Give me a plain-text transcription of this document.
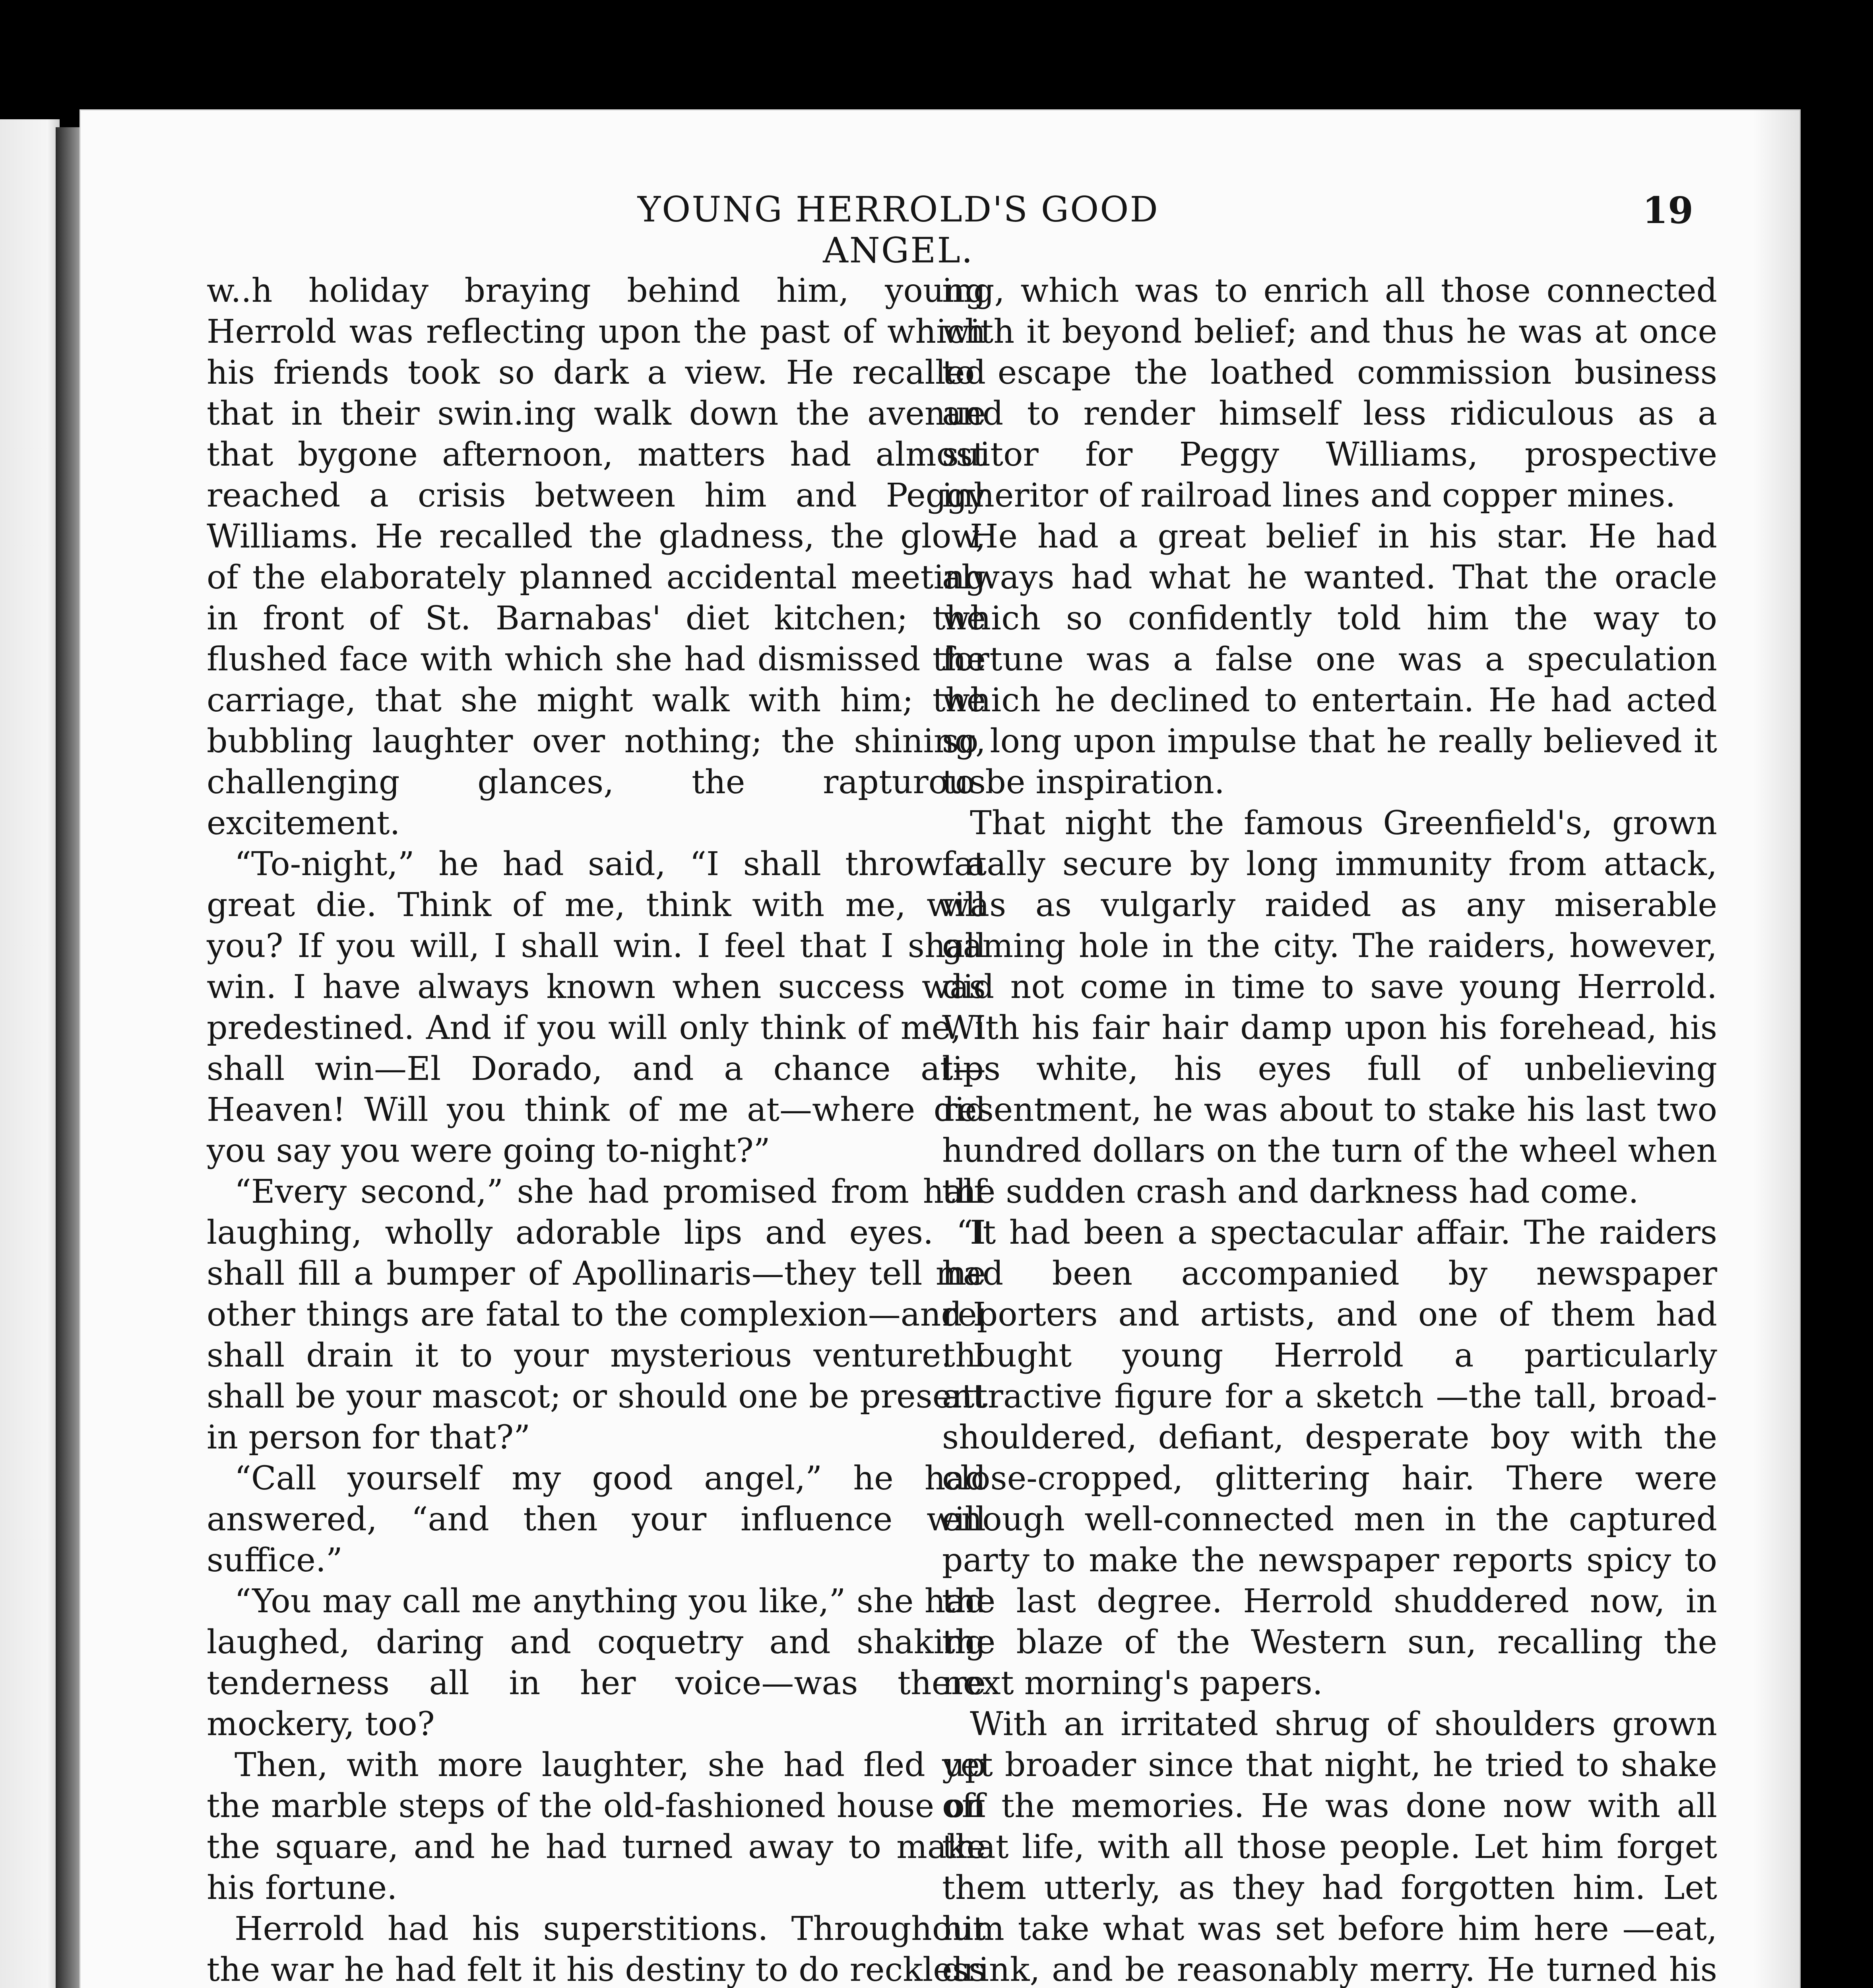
YOUNG HERROLD'S GOOD ANGEL.
19

w..h holiday braying behind him, young Herrold was reflecting upon the past of which his friends took so dark a view. He recalled that in their swin.ing walk down the avenue that bygone afternoon, matters had almost reached a crisis between him and Peggy Williams. He recalled the gladness, the glow, of the elaborately planned accidental meeting in front of St. Barnabas' diet kitchen; the flushed face with which she had dismissed the carriage, that she might walk with him; the bubbling laughter over nothing; the shining, challenging glances, the rapturous excitement.

“To-night,” he had said, “I shall throw a great die. Think of me, think with me, will you? If you will, I shall win. I feel that I shall win. I have always known when success was predestined. And if you will only think of me, I shall win—El Dorado, and a chance at—Heaven! Will you think of me at—where did you say you were going to-night?”

“Every second,” she had promised from half laughing, wholly adorable lips and eyes. “I shall fill a bumper of Apollinaris—they tell me other things are fatal to the complexion—and I shall drain it to your mysterious venture. I shall be your mascot; or should one be present in person for that?”

“Call yourself my good angel,” he had answered, “and then your influence will suffice.”

“You may call me anything you like,” she had laughed, daring and coquetry and shaking tenderness all in her voice—was there mockery, too?

Then, with more laughter, she had fled up the marble steps of the old-fashioned house on the square, and he had turned away to make his fortune.

Herrold had his superstitions. Throughout the war he had felt it his destiny to do reckless

ing, which was to enrich all those connected with it beyond belief; and thus he was at once to escape the loathed commission business and to render himself less ridiculous as a suitor for Peggy Williams, prospective inheritor of railroad lines and copper mines.

He had a great belief in his star. He had always had what he wanted. That the oracle which so confidently told him the way to fortune was a false one was a speculation which he declined to entertain. He had acted so long upon impulse that he really believed it to be inspiration.

That night the famous Greenfield's, grown fatally secure by long immunity from attack, was as vulgarly raided as any miserable gaming hole in the city. The raiders, however, did not come in time to save young Herrold. With his fair hair damp upon his forehead, his lips white, his eyes full of unbelieving resentment, he was about to stake his last two hundred dollars on the turn of the wheel when the sudden crash and darkness had come.

It had been a spectacular affair. The raiders had been accompanied by newspaper reporters and artists, and one of them had thought young Herrold a particularly attractive figure for a sketch —the tall, broad-shouldered, defiant, desperate boy with the close-cropped, glittering hair. There were enough well-connected men in the captured party to make the newspaper reports spicy to the last degree. Herrold shuddered now, in the blaze of the Western sun, recalling the next morning's papers.

With an irritated shrug of shoulders grown yet broader since that night, he tried to shake off the memories. He was done now with all that life, with all those people. Let him forget them utterly, as they had forgotten him. Let him take what was set before him here —eat, drink, and be reasonably merry. He turned his
